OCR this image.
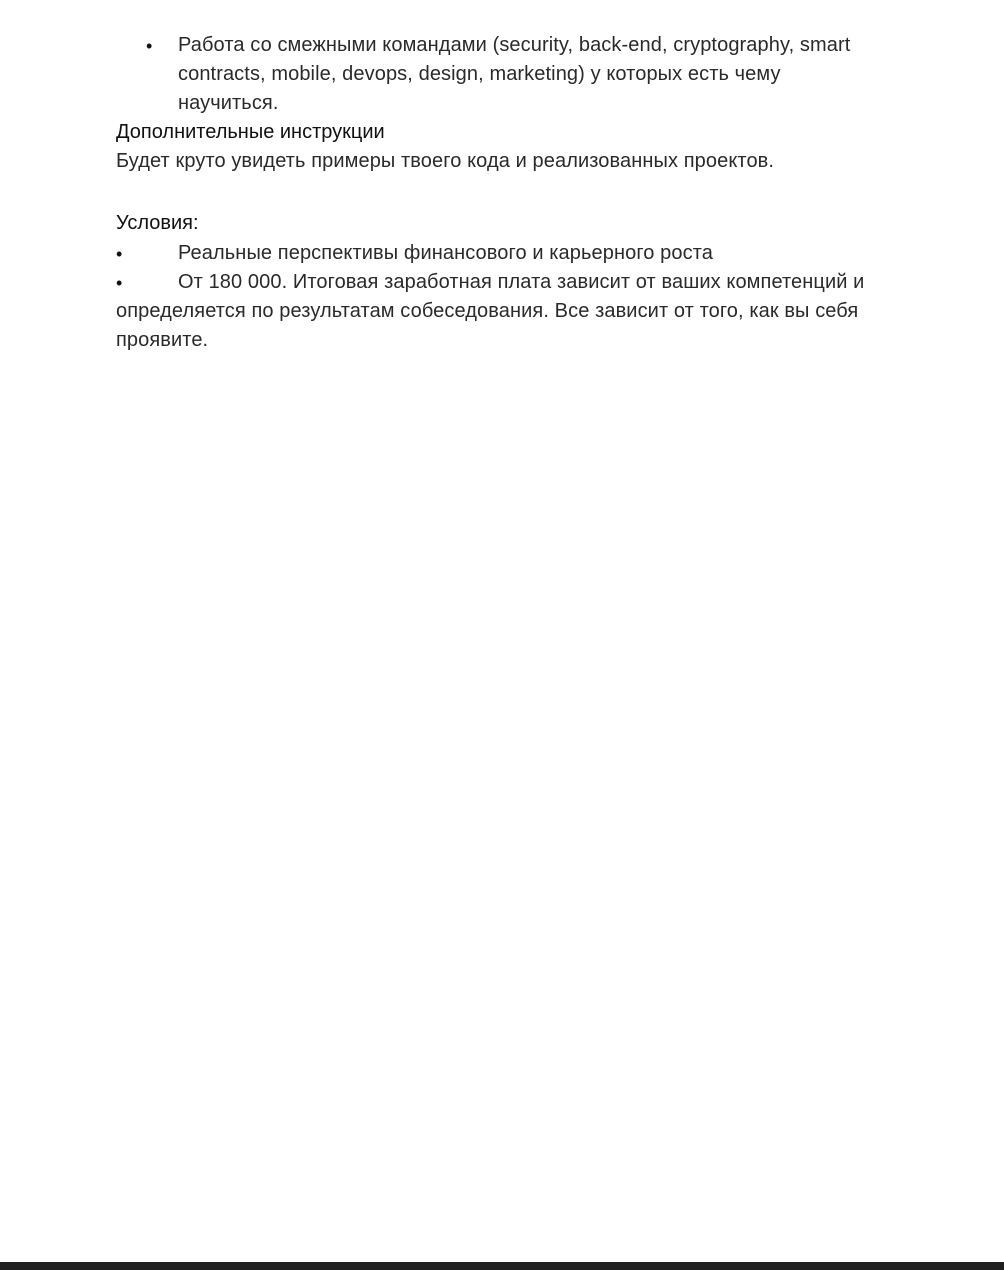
• Работа со смежными командами (security, back-end, cryptography, smart
contracts, mobile, devops, design, marketing) у которых есть чему
научиться.
Дополнительные инструкции
Будет круто увидеть примеры твоего кода и реализованных проектов.
Условия:
•	Реальные перспективы финансового и карьерного роста
•	От 180 000. Итоговая заработная плата зависит от ваших компетенций и
определяется по результатам собеседования. Все зависит от того, как вы себя
проявите.
